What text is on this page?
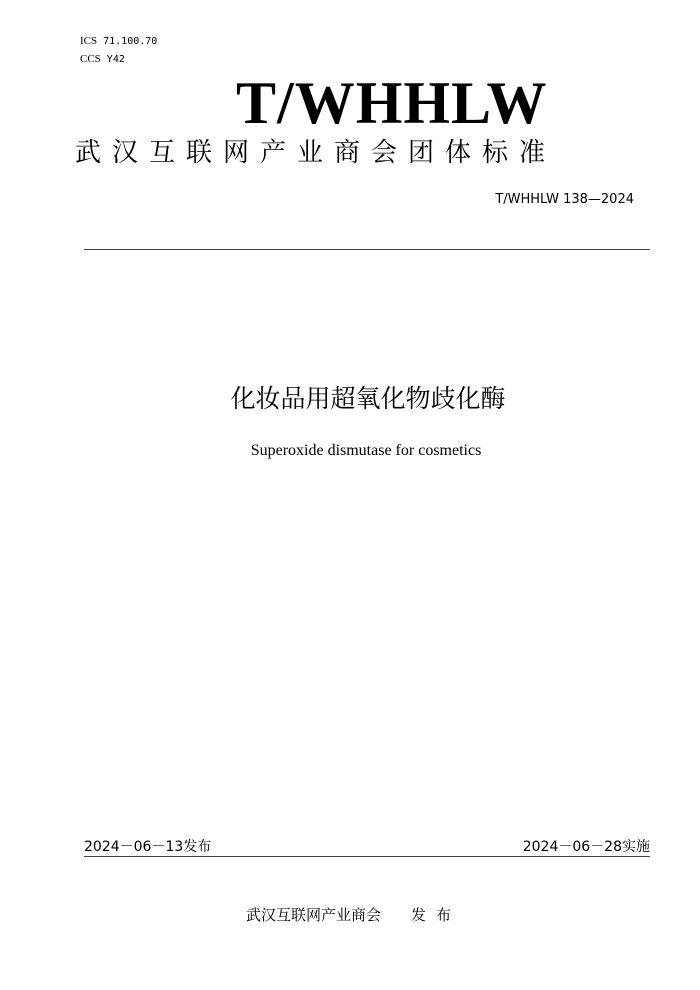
ICS 71.100.70
CCS Y42
T/WHHLW
武汉互联网产业商会团体标准
T/WHHLW 138—2024
化妆品用超氧化物歧化酶
Superoxide dismutase for cosmetics
2024－06－13发布	2024－06－28实施
武汉互联网产业商会 发布
